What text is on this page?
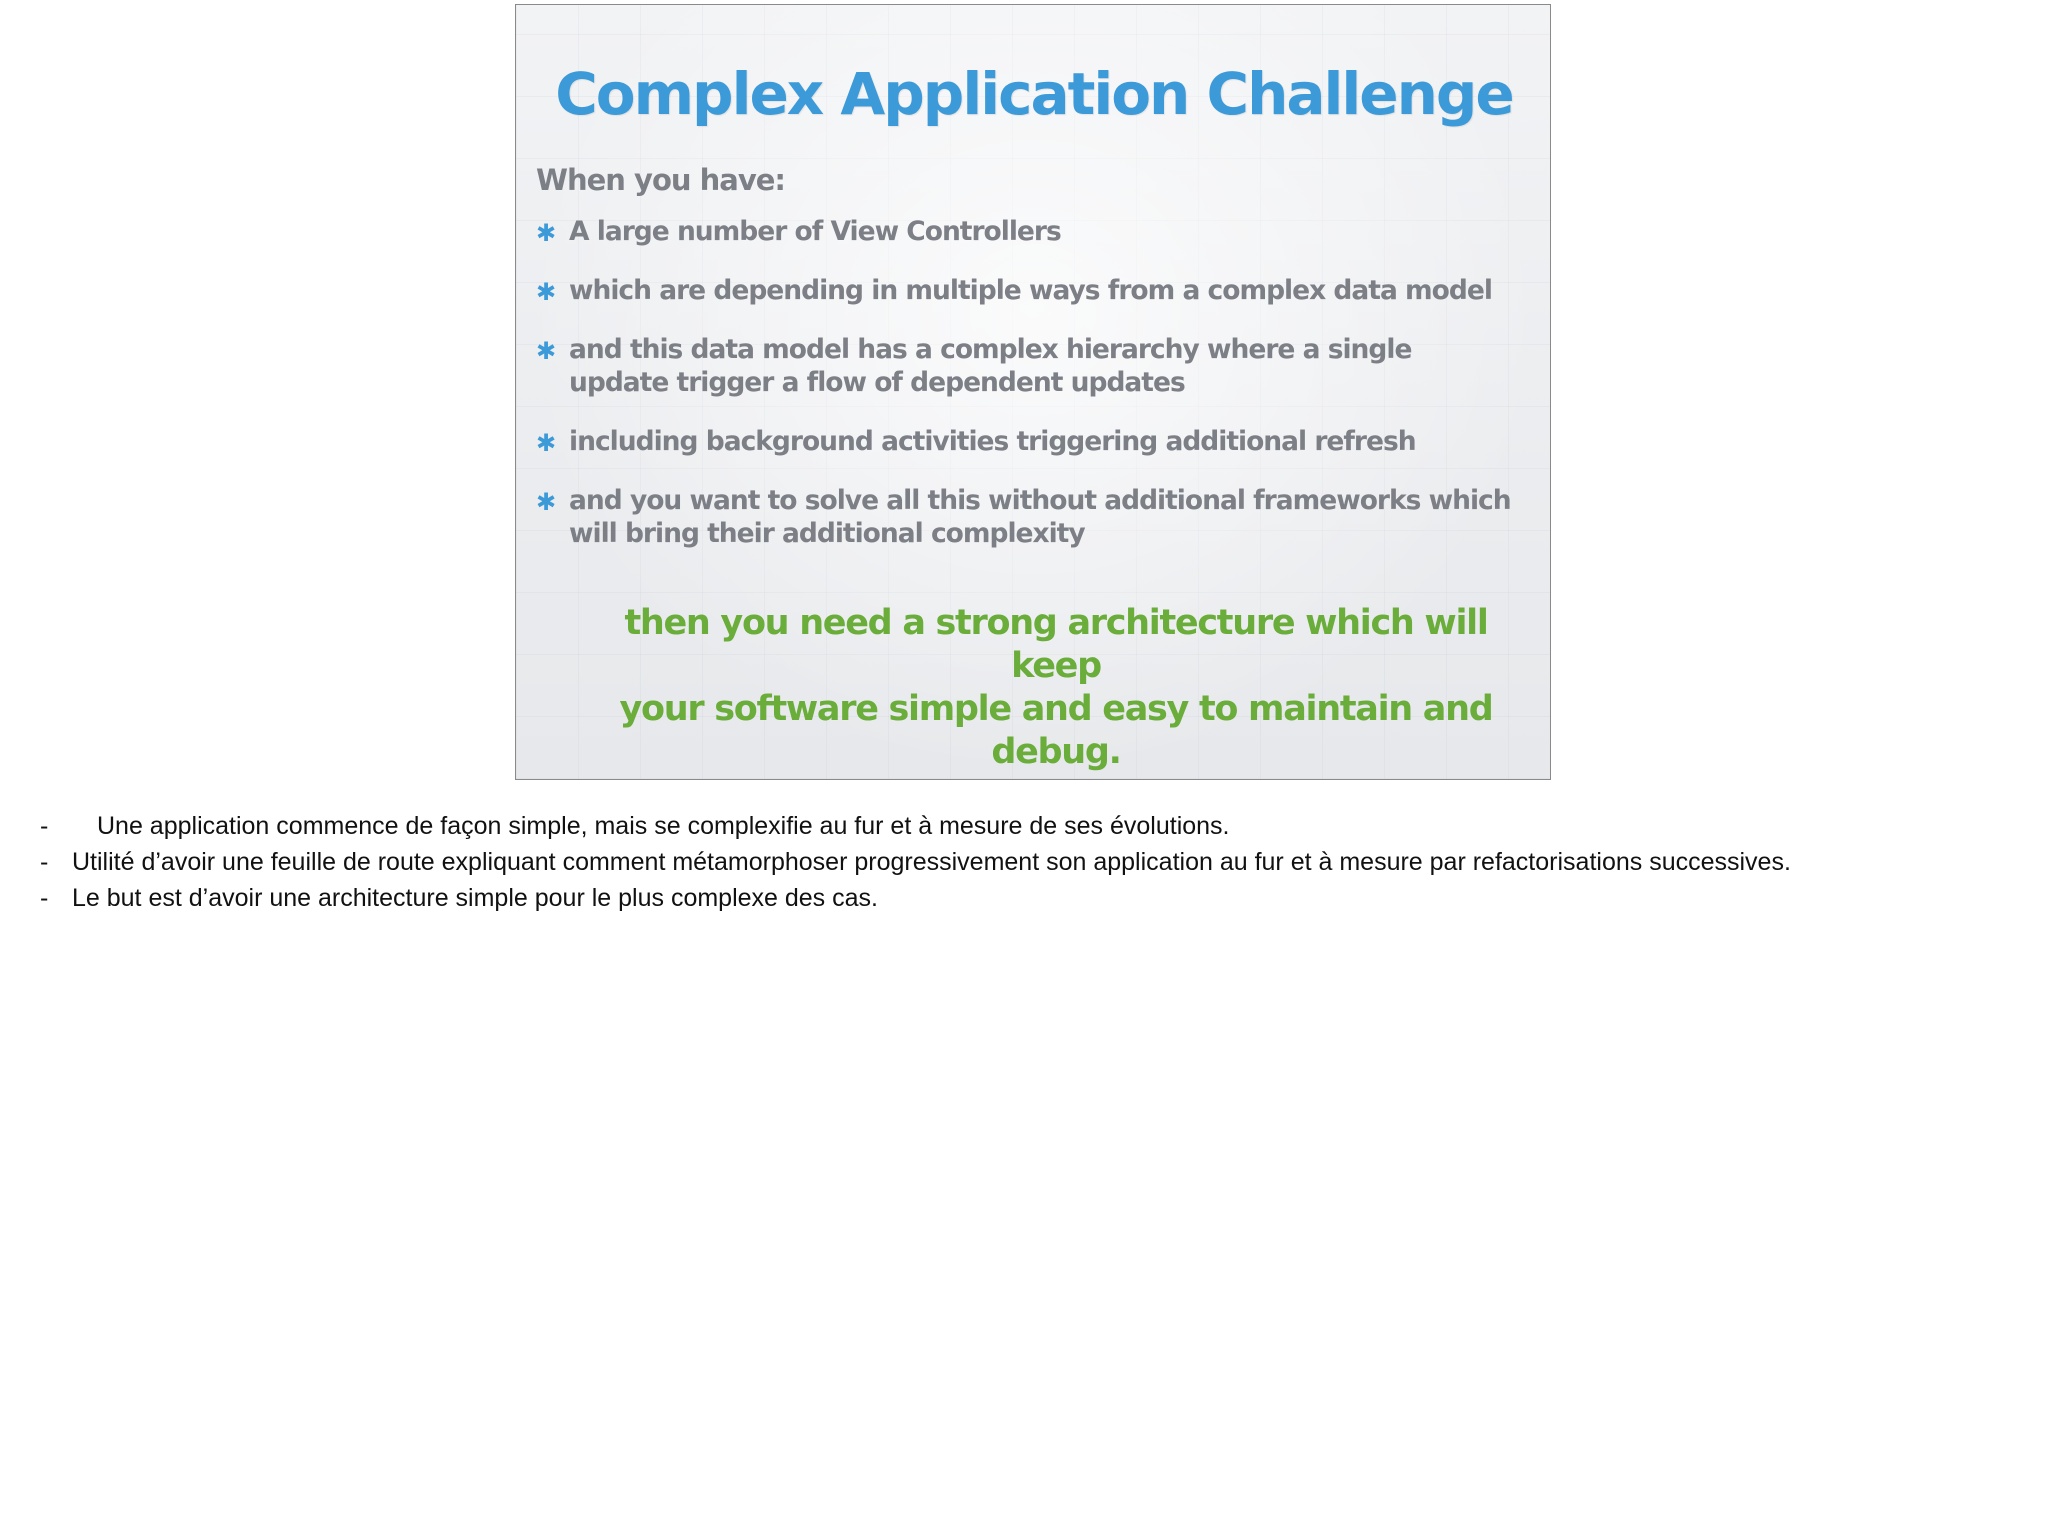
Complex Application Challenge
When you have:
✱ A large number of View Controllers
✱ which are depending in multiple ways from a complex data model
✱ and this data model has a complex hierarchy where a single update trigger a flow of dependent updates
✱ including background activities triggering additional refresh
✱ and you want to solve all this without additional frameworks which will bring their additional complexity
then you need a strong architecture which will keep
your software simple and easy to maintain and debug.
- Une application commence de façon simple, mais se complexifie au fur et à mesure de ses évolutions.
- Utilité d’avoir une feuille de route expliquant comment métamorphoser progressivement son application au fur et à mesure par refactorisations successives.
- Le but est d’avoir une architecture simple pour le plus complexe des cas.
